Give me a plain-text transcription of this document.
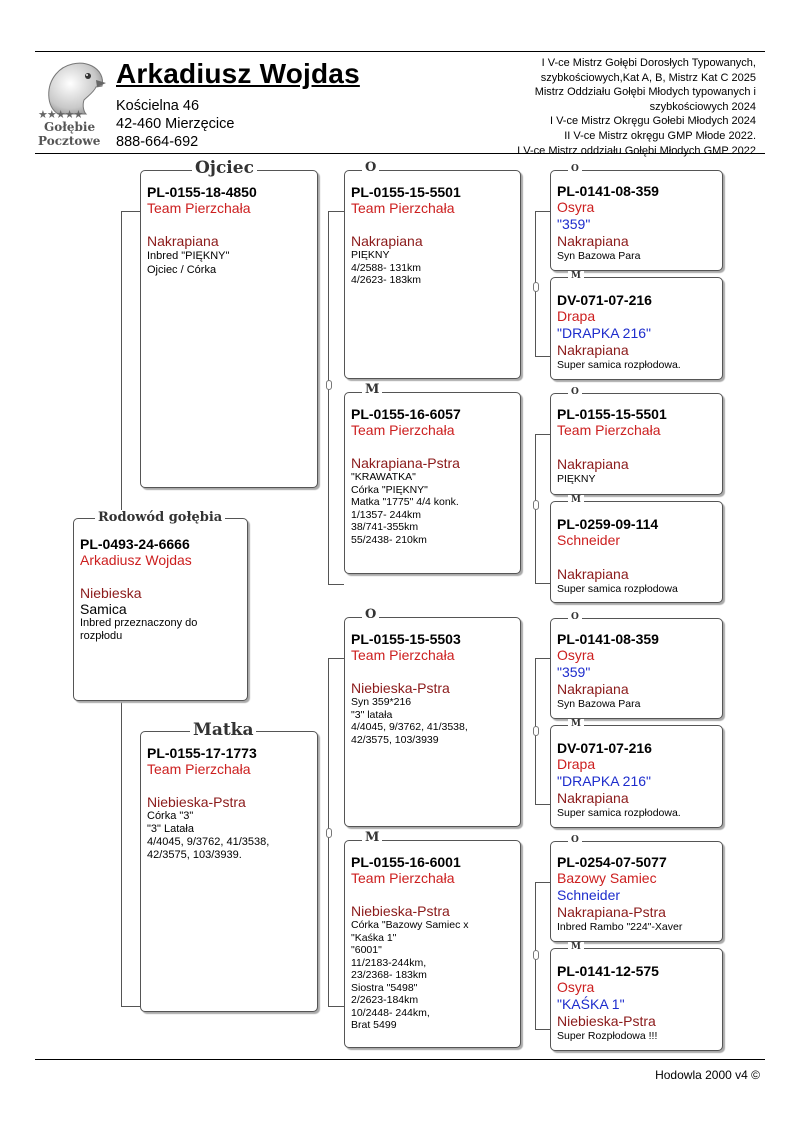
★★★★★
Gołębie
Pocztowe
Arkadiusz Wojdas
Kościelna 46
42-460 Mierzęcice
888-664-692
I V-ce Mistrz Gołębi Dorosłych Typowanych,
szybkościowych,Kat A, B, Mistrz Kat C 2025
Mistrz Oddziału Gołębi Młodych typowanych i
szybkościowych 2024
I V-ce Mistrz Okręgu Gołebi Młodych 2024
II V-ce Mistrz okręgu GMP Młode 2022.
I V-ce Mistrz oddziału Gołębi Młodych GMP 2022
PL-0493-24-6666
Arkadiusz Wojdas
Niebieska
Samica
Inbred przeznaczony do
rozpłodu
Rodowód gołębia
PL-0155-18-4850
Team Pierzchała
Nakrapiana
Inbred "PIĘKNY"
Ojciec / Córka
Ojciec
PL-0155-17-1773
Team Pierzchała
Niebieska-Pstra
Córka "3"
"3" Latała
4/4045, 9/3762, 41/3538,
42/3575, 103/3939.
Matka
PL-0155-15-5501
Team Pierzchała
Nakrapiana
PIĘKNY
4/2588- 131km
4/2623- 183km
O
PL-0155-16-6057
Team Pierzchała
Nakrapiana-Pstra
"KRAWATKA"
Córka "PIĘKNY"
Matka "1775" 4/4 konk.
1/1357- 244km
38/741-355km
55/2438- 210km
M
PL-0155-15-5503
Team Pierzchała
Niebieska-Pstra
Syn 359*216
"3" latała
4/4045, 9/3762, 41/3538,
42/3575, 103/3939
O
PL-0155-16-6001
Team Pierzchała
Niebieska-Pstra
Córka "Bazowy Samiec x
"Kaśka 1"
"6001"
11/2183-244km,
23/2368- 183km
Siostra "5498"
2/2623-184km
10/2448- 244km,
Brat 5499
M
PL-0141-08-359
Osyra
"359"
Nakrapiana
Syn Bazowa Para
O
DV-071-07-216
Drapa
"DRAPKA 216"
Nakrapiana
Super samica rozpłodowa.
M
PL-0155-15-5501
Team Pierzchała
Nakrapiana
PIĘKNY
O
PL-0259-09-114
Schneider
Nakrapiana
Super samica rozpłodowa
M
PL-0141-08-359
Osyra
"359"
Nakrapiana
Syn Bazowa Para
O
DV-071-07-216
Drapa
"DRAPKA 216"
Nakrapiana
Super samica rozpłodowa.
M
PL-0254-07-5077
Bazowy Samiec
Schneider
Nakrapiana-Pstra
Inbred Rambo "224"-Xaver
O
PL-0141-12-575
Osyra
"KAŚKA 1"
Niebieska-Pstra
Super Rozpłodowa !!!
M
Hodowla 2000 v4 ©
